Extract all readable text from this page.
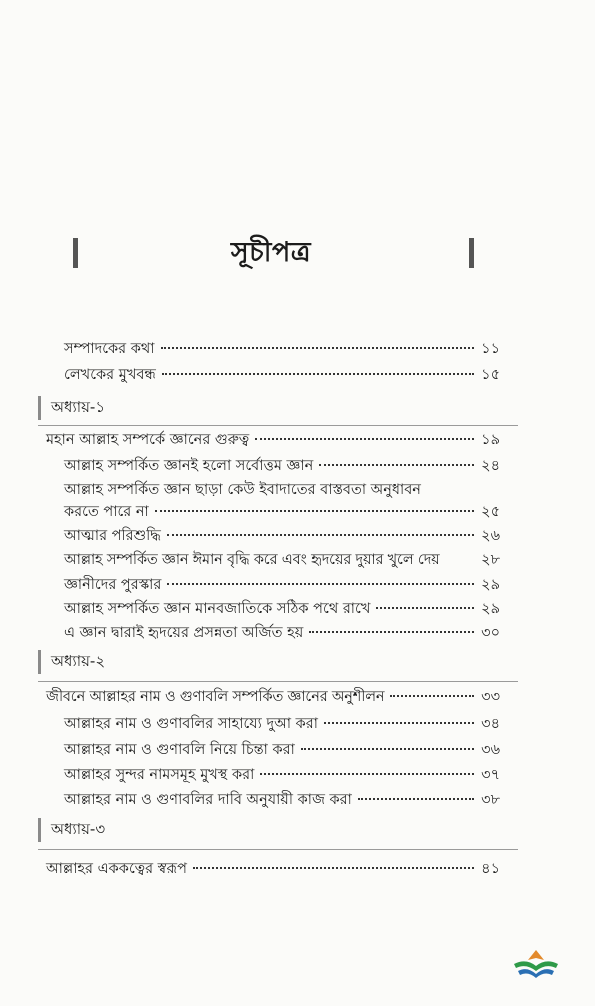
সূচীপত্র
সম্পাদকের কথা	১১
লেখকের মুখবন্ধ	১৫
অধ্যায়-১
মহান আল্লাহ সম্পর্কে জ্ঞানের গুরুত্ব	১৯
আল্লাহ সম্পর্কিত জ্ঞানই হলো সর্বোত্তম জ্ঞান	২৪
আল্লাহ সম্পর্কিত জ্ঞান ছাড়া কেউ ইবাদাতের বাস্তবতা অনুধাবন
করতে পারে না	২৫
আত্মার পরিশুদ্ধি	২৬
আল্লাহ সম্পর্কিত জ্ঞান ঈমান বৃদ্ধি করে এবং হৃদয়ের দুয়ার খুলে দেয়	২৮
জ্ঞানীদের পুরস্কার	২৯
আল্লাহ সম্পর্কিত জ্ঞান মানবজাতিকে সঠিক পথে রাখে	২৯
এ জ্ঞান দ্বারাই হৃদয়ের প্রসন্নতা অর্জিত হয়	৩০
অধ্যায়-২
জীবনে আল্লাহর নাম ও গুণাবলি সম্পর্কিত জ্ঞানের অনুশীলন	৩৩
আল্লাহর নাম ও গুণাবলির সাহায্যে দুআ করা	৩৪
আল্লাহর নাম ও গুণাবলি নিয়ে চিন্তা করা	৩৬
আল্লাহর সুন্দর নামসমূহ মুখস্থ করা	৩৭
আল্লাহর নাম ও গুণাবলির দাবি অনুযায়ী কাজ করা	৩৮
অধ্যায়-৩
আল্লাহর এককত্বের স্বরূপ	৪১
